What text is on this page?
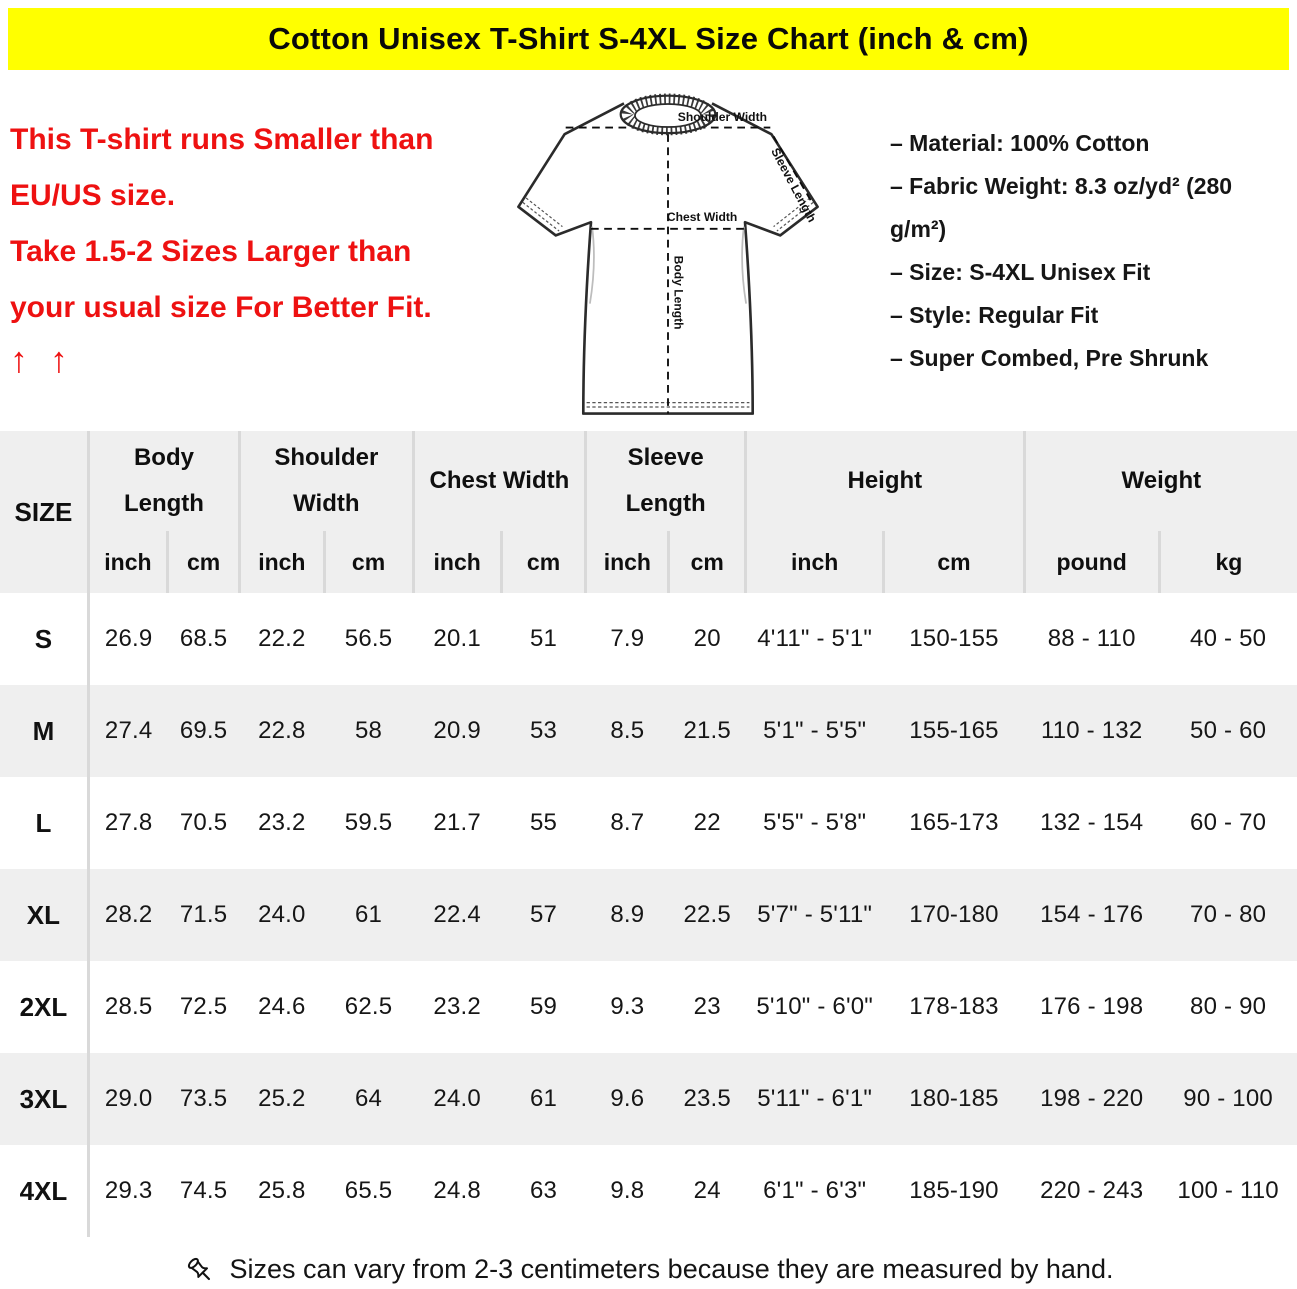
Cotton Unisex T-Shirt S-4XL Size Chart (inch & cm)
This T-shirt runs Smaller than
EU/US size.
Take 1.5-2 Sizes Larger than
your usual size For Better Fit.
↑ ↑
Shoulder Width
Chest Width
Body Length
Sleeve Length
– Material: 100% Cotton
– Fabric Weight: 8.3 oz/yd² (280 g/m²)
– Size: S-4XL Unisex Fit
– Style: Regular Fit
– Super Combed, Pre Shrunk
SIZE	Body Length		Shoulder Width		Chest Width		Sleeve Length		Height		Weight	
	inch	cm	inch	cm	inch	cm	inch	cm	inch	cm	pound	kg
S	26.9	68.5	22.2	56.5	20.1	51	7.9	20	4'11" - 5'1"	150-155	88 - 110	40 - 50
M	27.4	69.5	22.8	58	20.9	53	8.5	21.5	5'1" - 5'5"	155-165	110 - 132	50 - 60
L	27.8	70.5	23.2	59.5	21.7	55	8.7	22	5'5" - 5'8"	165-173	132 - 154	60 - 70
XL	28.2	71.5	24.0	61	22.4	57	8.9	22.5	5'7" - 5'11"	170-180	154 - 176	70 - 80
2XL	28.5	72.5	24.6	62.5	23.2	59	9.3	23	5'10" - 6'0"	178-183	176 - 198	80 - 90
3XL	29.0	73.5	25.2	64	24.0	61	9.6	23.5	5'11" - 6'1"	180-185	198 - 220	90 - 100
4XL	29.3	74.5	25.8	65.5	24.8	63	9.8	24	6'1" - 6'3"	185-190	220 - 243	100 - 110
Sizes can vary from 2-3 centimeters because they are measured by hand.
